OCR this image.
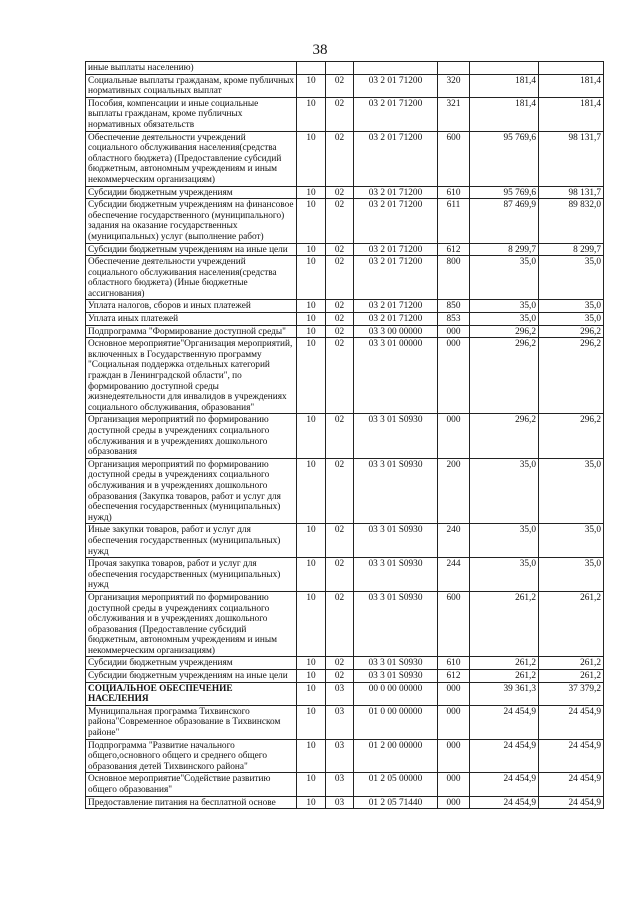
38
иные выплаты населению)						
Социальные выплаты гражданам, кроме публичных нормативных социальных выплат	10	02	03 2 01 71200	320	181,4	181,4
Пособия, компенсации и иные социальные выплаты гражданам, кроме публичных нормативных обязательств	10	02	03 2 01 71200	321	181,4	181,4
Обеспечение деятельности учреждений социального обслуживания населения(средства областного бюджета) (Предоставление субсидий бюджетным, автономным учреждениям и иным некоммерческим организациям)	10	02	03 2 01 71200	600	95 769,6	98 131,7
Субсидии бюджетным учреждениям	10	02	03 2 01 71200	610	95 769,6	98 131,7
Субсидии бюджетным учреждениям на финансовое обеспечение государственного (муниципального) задания на оказание государственных (муниципальных) услуг (выполнение работ)	10	02	03 2 01 71200	611	87 469,9	89 832,0
Субсидии бюджетным учреждениям на иные цели	10	02	03 2 01 71200	612	8 299,7	8 299,7
Обеспечение деятельности учреждений социального обслуживания населения(средства областного бюджета) (Иные бюджетные ассигнования)	10	02	03 2 01 71200	800	35,0	35,0
Уплата налогов, сборов и иных платежей	10	02	03 2 01 71200	850	35,0	35,0
Уплата иных платежей	10	02	03 2 01 71200	853	35,0	35,0
Подпрограмма "Формирование доступной среды"	10	02	03 3 00 00000	000	296,2	296,2
Основное мероприятие"Организация мероприятий, включенных в Государственную программу "Социальная поддержка отдельных категорий граждан в Ленинградской области", по формированию доступной среды жизнедеятельности для инвалидов в учреждениях социального обслуживания, образования"	10	02	03 3 01 00000	000	296,2	296,2
Организация мероприятий по формированию доступной среды в учреждениях социального обслуживания и в учреждениях дошкольного образования	10	02	03 3 01 S0930	000	296,2	296,2
Организация мероприятий по формированию доступной среды в учреждениях социального обслуживания и в учреждениях дошкольного образования (Закупка товаров, работ и услуг для обеспечения государственных (муниципальных) нужд)	10	02	03 3 01 S0930	200	35,0	35,0
Иные закупки товаров, работ и услуг для обеспечения государственных (муниципальных) нужд	10	02	03 3 01 S0930	240	35,0	35,0
Прочая закупка товаров, работ и услуг для обеспечения государственных (муниципальных) нужд	10	02	03 3 01 S0930	244	35,0	35,0
Организация мероприятий по формированию доступной среды в учреждениях социального обслуживания и в учреждениях дошкольного образования (Предоставление субсидий бюджетным, автономным учреждениям и иным некоммерческим организациям)	10	02	03 3 01 S0930	600	261,2	261,2
Субсидии бюджетным учреждениям	10	02	03 3 01 S0930	610	261,2	261,2
Субсидии бюджетным учреждениям на иные цели	10	02	03 3 01 S0930	612	261,2	261,2
СОЦИАЛЬНОЕ ОБЕСПЕЧЕНИЕ НАСЕЛЕНИЯ	10	03	00 0 00 00000	000	39 361,3	37 379,2
Муниципальная программа Тихвинского района"Современное образование в Тихвинском районе"	10	03	01 0 00 00000	000	24 454,9	24 454,9
Подпрограмма "Развитие начального общего,основного общего и среднего общего образования детей Тихвинского района"	10	03	01 2 00 00000	000	24 454,9	24 454,9
Основное мероприятие"Содействие развитию общего образования"	10	03	01 2 05 00000	000	24 454,9	24 454,9
Предоставление питания на бесплатной основе	10	03	01 2 05 71440	000	24 454,9	24 454,9
